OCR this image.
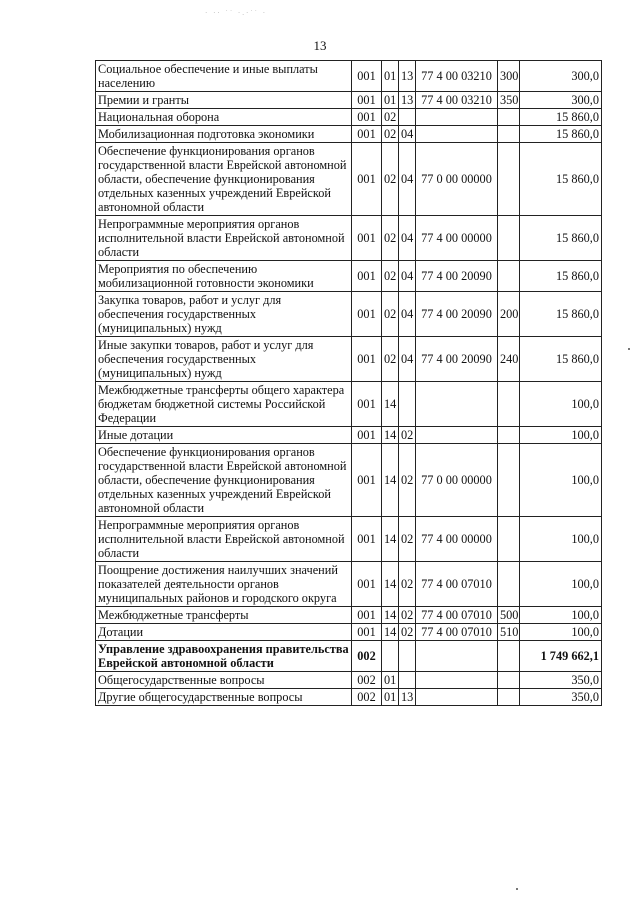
· ·· ˙˙ ·.·˙˙ ·
13
Социальное обеспечение и иные выплаты населению	001	01	13	77 4 00 03210	300	300,0
Премии и гранты	001	01	13	77 4 00 03210	350	300,0
Национальная оборона	001	02				15 860,0
Мобилизационная подготовка экономики	001	02	04			15 860,0
Обеспечение функционирования органов государственной власти Еврейской автономной области, обеспечение функционирования отдельных казенных учреждений Еврейской автономной области	001	02	04	77 0 00 00000		15 860,0
Непрограммные мероприятия органов исполнительной власти Еврейской автономной области	001	02	04	77 4 00 00000		15 860,0
Мероприятия по обеспечению мобилизационной готовности экономики	001	02	04	77 4 00 20090		15 860,0
Закупка товаров, работ и услуг для обеспечения государственных (муниципальных) нужд	001	02	04	77 4 00 20090	200	15 860,0
Иные закупки товаров, работ и услуг для обеспечения государственных (муниципальных) нужд	001	02	04	77 4 00 20090	240	15 860,0
Межбюджетные трансферты общего характера бюджетам бюджетной системы Российской Федерации	001	14				100,0
Иные дотации	001	14	02			100,0
Обеспечение функционирования органов государственной власти Еврейской автономной области, обеспечение функционирования отдельных казенных учреждений Еврейской автономной области	001	14	02	77 0 00 00000		100,0
Непрограммные мероприятия органов исполнительной власти Еврейской автономной области	001	14	02	77 4 00 00000		100,0
Поощрение достижения наилучших значений показателей деятельности органов муниципальных районов и городского округа	001	14	02	77 4 00 07010		100,0
Межбюджетные трансферты	001	14	02	77 4 00 07010	500	100,0
Дотации	001	14	02	77 4 00 07010	510	100,0
Управление здравоохранения правительства Еврейской автономной области	002					1 749 662,1
Общегосударственные вопросы	002	01				350,0
Другие общегосударственные вопросы	002	01	13			350,0
